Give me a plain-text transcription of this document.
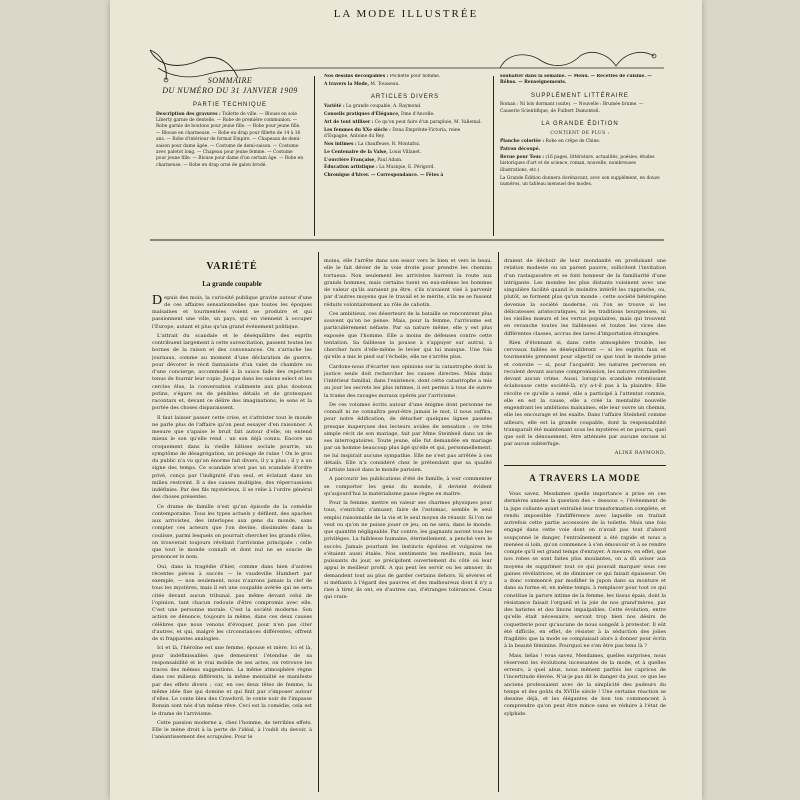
LA MODE ILLUSTRÉE
SOMMAIRE
DU NUMÉRO DU 31 JANVIER 1909
PARTIE TECHNIQUE
Description des gravures : Toilette de ville. — Blouse en soie Liberty garnie de dentelle. — Robe de première communion. — Robe garnie de boutons pour jeune fille. — Robe pour jeune fille. — Blouse en charmeuse. — Robe en drap pour fillette de 14 à 16 ans. — Robe d'intérieur de format Empire. — Chapeaux de demi-saison pour dame âgée. — Costume de demi-saison. — Costume avec paletot long. — Chapeau pour jeune femme. — Costume pour jeune fille. — Blouse pour dame d'un certain âge. — Robe en charmeuse. — Robe en drap orné de galon brodé.
Nos dessins découpables : Pochette pour homme.
A travers la Mode, M. Tousseau.
ARTICLES DIVERS
Variété : La grande coupable, A. Raymond.
Conseils pratiques d'Élégance, Dme d'Ancelle.
Art de tout utiliser : Ce qu'on peut faire d'un parapluie, M. Vallemal.
Les femmes du XXe siècle : Dona Emprénte-Victoria, reine d'Espagne, Antoine du Rey.
Nos intimes : La chauffeuse, R. Montafoz.
Le Centenaire de la Valse, Louis Villanet.
L'ouvrière Française, Paul Adam.
Éducation artistique : La Musique, E. Périgord.
Chronique d'hiver. — Correspondance. — Fêtes à
souhaiter dans la semaine. — Menu. — Recettes de cuisine. — Rébus. — Renseignements.
SUPPLÉMENT LITTÉRAIRE
Roman : Ni lois dormant (suite). — Nouvelle : Brumée brume. — Causerie Scientifique, de Fulbert Dumonteil.
LA GRANDE ÉDITION
CONTIENT DE PLUS :
Planche coloriée : Robe en crêpe de Chine.
Patron découpé.
Revue pour Tous : (16 pages, littérature, actualités, poésies, études historiques d'art et de science, roman, nouvelle, nombreuses illustrations, etc.)
La Grande Édition donnera dorénavant, avec son supplément, en douze numéros, un tableau mensuel des modes.
VARIÉTÉ
La grande coupable

Depuis des mois, la curiosité publique gravite autour d'une de ces affaires sensationnelles que toutes les époques malsaines et tourmentées voient se produire et qui passionnent une ville, un pays, qui en viennent à occuper l'Europe, autant et plus qu'un grand événement politique.

L'attrait du scandale et le déséquilibre des esprits contribuent largement à cette surexcitation, passent toutes les bornes de la raison et des convenances. On s'arrache les journaux, comme au moment d'une déclaration de guerre, pour dévorer le récit fantaisiste d'un valet de chambre ou d'une concierge, accommodé à la sauce fade des reporters tenus de fournir leur copie. Jusque dans les salons select et les cercles élus, la conversation s'alimente aux plus douteux potins, s'égare en de pénibles détails et de grotesques racontars et, devant ce délire des imaginations, le sens et la portée des choses disparaissent.

Il faut laisser passer cette crise, et s'attrister tout le monde ne parle plus de l'affaire qu'on peut essayer d'en raisonner. A mesure que s'apaise le bruit fait autour d'elle, on entend mieux le son qu'elle rend : un son déjà connu. Encore un croquement dans la vieille bâtisse sociale pourrie, un symptôme de désagrégation, un présage de ruine ! On le gros du public n'a vu qu'un énorme fait divers, il y a plus ; il y a un signe des temps. Ce scandale n'est pas un scandale d'ordre privé, conçu par l'indignité d'un seul, et éclatant dans un milieu restreint. Il a des causes multiples, des répercussions indéfinies. Par des fils mystérieux, il se relie à l'ordre général des choses présentes.

Ce drame de famille n'est qu'un épisode de la comédie contemporaine. Tous les types actuels y défilent, des apaches aux arrivistes, des interlopes aux gens du monde, sans compter ces acteurs que l'on devine, dissimulés dans la coulisse, parmi lesquels on pourrait chercher les grands rôles, on trouverait toujours révélant l'arrivisme principale : celle que tout le monde connaît et dont nul ne se soucie de prononcer le nom.

Oui, dans la tragédie d'hier, comme dans bien d'autres récentes pièces à succès — le vaudeville Humbert par exemple, — non seulement, nous n'aurons jamais la clef de tous les mystères, mais il est une coupable avérée qui ne sera citée devant aucun tribunal, pas même devant celui de l'opinion, tant chacun redoute d'être compromis avec elle. C'est une personne morale. C'est la société moderne. Son action se dénonce, toujours la même, dans ces deux causes célèbres que nous venons d'évoquer, pour n'en pas citer d'autres, et qui, malgré les circonstances différentes, offrent de si frappantes analogies.

Ici et là, l'héroïne est une femme, épouse et mère. Ici et là, pour indéfinissables que demeurent l'étendue de sa responsabilité et le vrai mobile de ses actes, on retrouve les traces des mêmes suggestions. La même atmosphère règne dans ces milieux différents, la même mentalité se manifeste par des effets divers ; car, en ces deux têtes de femme, la même idée fixe qui domine et qui finit par s'imposer autour d'elles. Le conte bleu des Crawford, le conte noir de l'impasse Ronsin sont nés d'un même rêve. Ceci est la comédie, cela est le drame de l'arrivisme.

Cette passion moderne a, chez l'homme, de terribles effets. Elle le mène droit à la perte de l'idéal, à l'oubli du devoir, à l'anéantissement des scrupules. Pour le

moins, elle l'arrête dans son essor vers le bien et vers le beau, elle le fait dévier de la voie droite pour prendre les chemins tortueux. Non seulement les arrivistes barrent la route aux grands hommes, mais certains tuent en eux-mêmes les hommes de valeur qu'ils auraient pu être, s'ils n'avaient visé à parvenir par d'autres moyens que le travail et le mérite, s'ils ne se fussent réduits volontairement au rôle de cabotin.

Ces ambitieux, ces déserteurs de la bataille se rencontrent plus souvent qu'on ne pense. Mais, pour la femme, l'arrivisme est particulièrement néfaste. Par sa nature même, elle y est plus exposée que l'homme. Elle a moins de défenses contre cette tentation. Sa faiblesse la pousse à s'appuyer sur autrui, à chercher hors d'elle-même le levier qui lui manque. Une fois qu'elle a mis le pied sur l'échelle, elle ne s'arrête plus.

Cardons-nous d'écarter nos opinions sur la catastrophe dont la justice seule doit rechercher les causes directes. Mais dans l'intérieur familial, dans l'existence, dont cette catastrophe a mis au jour les secrets les plus intimes, il est permis à tous de suivre la trame des ravages moraux opérés par l'arrivisme.

De ces volumes écrits autour d'une énigme dont personne ne connaît ni ne connaîtra peut-être jamais le mot, il nous suffira, pour notre édification, de détacher quelques lignes passées presque inaperçues des lecteurs avides de sensation : ce très simple récit de son mariage, fait par Mme Steinheil dans un de ses interrogatoires. Toute jeune, elle fut demandée en mariage par un homme beaucoup plus âgé qu'elle et qui, personnellement, ne lui inspirait aucune sympathie. Elle ne s'est pas arrêtée à ces détails. Elle n'a considéré chez le prétendant que sa qualité d'artiste lancé dans le monde parisien.

A parcourir les publications d'été de famille, à voir commenter se comporter les gens du monde, il devient évident qu'aujourd'hui la matérialisme passe règne en maître.

Pour la femme, mettre en valeur ses charmes physiques pour tous, s'enrichir, s'amuser, faire de l'estomac, semble le seul emploi raisonnable de la vie et le seul moyen de réussir. Si l'on ne veut ou qu'on ne puisse jouer ce jeu, on ne sera, dans le monde, que quantité négligeable. Par contre, les gagnants auront tous les privilèges. La faiblesse humaine, éternellement, a penché vers le succès. Jamais pourtant les instincts égoïstes et vulgaires ne s'étaient aussi étalés. Nos sentiments les meilleurs, mais les puissants du jour, se précipitent ouvertement du côté où leur appui le meilleur profit. A qui peut les servir ou les amuser, ils demandent tout au plus de garder certains dehors. Si sévères et si méfiants à l'égard des pauvres et des malheureux dont il n'y a rien à tirer, ils ont, en d'autres cas, d'étranges tolérances. Ceux qui crain-

draient de déchoir de leur mondanité en produisant une relation modeste ou un parent pauvre, sollicitent l'invitation d'un rastaquouère et se font honneur de la familiarité d'une intrigante. Les mondes les plus distants voisinent avec une singulière facilité quand le moindre intérêt les rapproche, ou, plutôt, se forment plus qu'un monde : cette société hétérogène devenue la société moderne, où l'on se trouve si les délicatesses aristocratiques, ni les traditions bourgeoises, ni les vieilles mœurs et les vertus populaires, mais qui trouvent en revanche toutes les faiblesses et toutes les vices des différentes classes, accrus des tares d'importation étrangère.

Rien d'étonnant si, dans cette atmosphère trouble, les cerveaux faibles se déséquilibrent — si les esprits faux et tourmentés prennent pour objectif ce que tout le monde prise et convoite — si, pour l'acquérir, les natures perverses en reculent devant aucune compromission, les natures criminelles devant aucun crime. Aussi, lorsqu'un scandale retentissant éclabousse cette société-là, n'y a-t-il pas à la plaindre. Elle récolte ce qu'elle a semé, elle a participé à l'attentat commis, elle en est la cause, elle a créé la mentalité nouvelle engendrant les ambitions malsaines, elle leur ouvre un chemin, elle les encourage et les exalte. Dans l'affaire Steinheil comme ailleurs, elle est la grande coupable, dont la responsabilité transparaît été maintenant sous les mystères et ne pourra, quel que soit le dénouement, être atténuée par aucune excuse ni par aucun subterfuge.

ALINE RAYMOND.
A TRAVERS LA MODE

Vous savez, Mesdames quelle importance a prise en ces dernières années la question des « dessous », l'évènement de la jupe collante ayant entraîné leur transformation complète, et rendu impossible l'indifférence avec laquelle on traitait autrefois cette partie accessoire de la toilette. Mais une fois engagé dans cette voie dont on n'avait pas tout d'abord soupçonné le danger, l'entraînement a été rapide et nous a menées si loin, qu'on commence à s'en émouvoir et à se rendre compte qu'il est grand temps d'enrayer. A mesure, en effet, que nos robes se sont faites plus moulantes, on a dû aviser aux moyens de supprimer tout ce qui pouvait marquer sous ces gaines révélatrices, et de diminuer ce qui faisait épaisseur. On a donc commencé par modifier le jupon dans sa monture et dans sa forme et, en même temps, à remplacer pour tout ce qui constitue la parure intime de la femme, les tissus épais, dont la résistance faisait l'orgueil et la joie de nos grand'mères, par des batistes et des linons impalpables. Cette évolution, entre qu'elle était nécessaire, servait trop bien nos désirs de coquetterie pour qu'aucune de nous songeât à protester. Il eût été difficile, en effet, de résister à la séduction des jolies fragilités que la mode se complaisait alors à donner pour écrin à la beauté féminine. Pourquoi ne s'en être pas tenu là ?

Mais, hélas ! vous savez, Mesdames, quelles surprises, nous réservent les évolutions incessantes de la mode, et à quelles erreurs, à quel abus, nous mènent parfois les caprices de l'incertitude élevée. N'ai-je pas dit le danger du jour, ce que les anciens professaient avec de la simplicité des pudeurs du temps et des goûts du XVIIIe siècle ! Une certaine réaction se dessine déjà, et les élégantes de bon ton commencent à comprendre qu'on peut être mince sans se réduire à l'état de sylphide.
